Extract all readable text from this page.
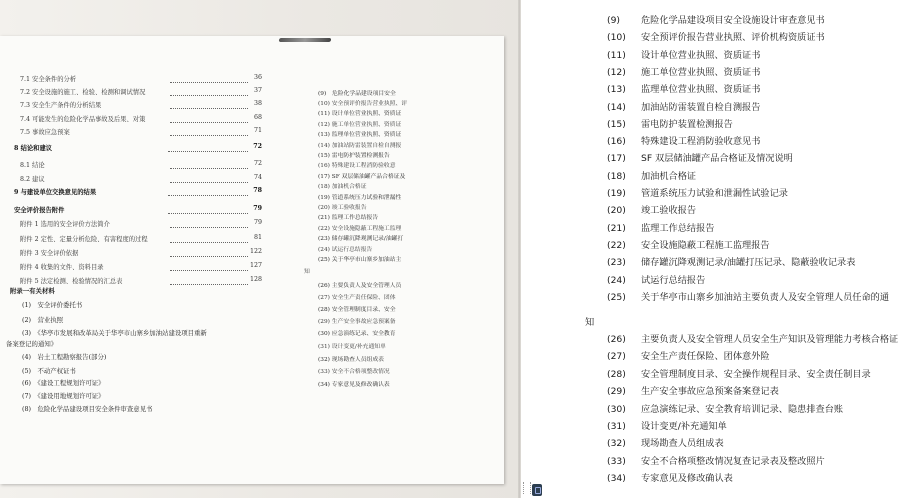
7.1 安全条件的分析	36
7.2 安全设施的施工、检验、检测和调试情况	37
7.3 安全生产条件的分析结果	38
7.4 可能发生的危险化学品事故及后果、对策	68
7.5 事故应急预案	71
8 结论和建议	72
8.1 结论	72
8.2 建议	74
9 与建设单位交换意见的结果	78
安全评价报告附件	79
附件 1 选用的安全评价方法简介	79
附件 2 定性、定量分析危险、有害程度的过程	81
附件 3 安全评价依据	122
附件 4 收集的文件、资料目录	127
附件 5 法定检测、检验情况的汇总表	128
附录一有关材料
(9)　危险化学品建设项目安全
(10) 安全预评价报告营业执照、评
(11) 设计单位营业执照、资质证
(12) 施工单位营业执照、资质证
(13) 监理单位营业执照、资质证
(14) 加油站防雷装置自检自测报
(15) 雷电防护装置检测报告
(16) 特殊建设工程消防验收意
(17) SF 双层储油罐产品合格证及
(18) 加油机合格证
(19) 管道系统压力试验和泄漏性
(20) 竣工验收报告
(21) 监理工作总结报告
(22) 安全设施隐蔽工程施工监理
(23) 储存罐沉降观测记录/油罐打
(24) 试运行总结报告
(25) 关于华亭市山寨乡加油站主
知
(26) 主要负责人及安全管理人员
(27) 安全生产责任保险、团体
(28) 安全管理制度目录、安全
(29) 生产安全事故应急预案备
(30) 应急演练记录、安全教育
(31) 设计变更/补充通知单
(32) 现场勘查人员组成表
(33) 安全不合格项整改情况
(34) 专家意见及修改确认表
(1)　安全评价委托书
(2)　营业执照
(3)　《华亭市发展和改革局关于华亭市山寨乡加油站建设项目重新
备案登记的通知》
(4)　岩土工程勘察报告(部分)
(5)　不动产权证书
(6)　《建设工程规划许可证》
(7)　《建设用地规划许可证》
(8)　危险化学品建设项目安全条件审查意见书
(9) 危险化学品建设项目安全设施设计审查意见书
(10) 安全预评价报告营业执照、评价机构资质证书
(11) 设计单位营业执照、资质证书
(12) 施工单位营业执照、资质证书
(13) 监理单位营业执照、资质证书
(14) 加油站防雷装置自检自测报告
(15) 雷电防护装置检测报告
(16) 特殊建设工程消防验收意见书
(17) SF 双层储油罐产品合格证及情况说明
(18) 加油机合格证
(19) 管道系统压力试验和泄漏性试验记录
(20) 竣工验收报告
(21) 监理工作总结报告
(22) 安全设施隐蔽工程施工监理报告
(23) 储存罐沉降观测记录/油罐打压记录、隐蔽验收记录表
(24) 试运行总结报告
(25) 关于华亭市山寨乡加油站主要负责人及安全管理人员任命的通
知
(26) 主要负责人及安全管理人员安全生产知识及管理能力考核合格证
(27) 安全生产责任保险、团体意外险
(28) 安全管理制度目录、安全操作规程目录、安全责任制目录
(29) 生产安全事故应急预案备案登记表
(30) 应急演练记录、安全教育培训记录、隐患排查台账
(31) 设计变更/补充通知单
(32) 现场勘查人员组成表
(33) 安全不合格项整改情况复查记录表及整改照片
(34) 专家意见及修改确认表
